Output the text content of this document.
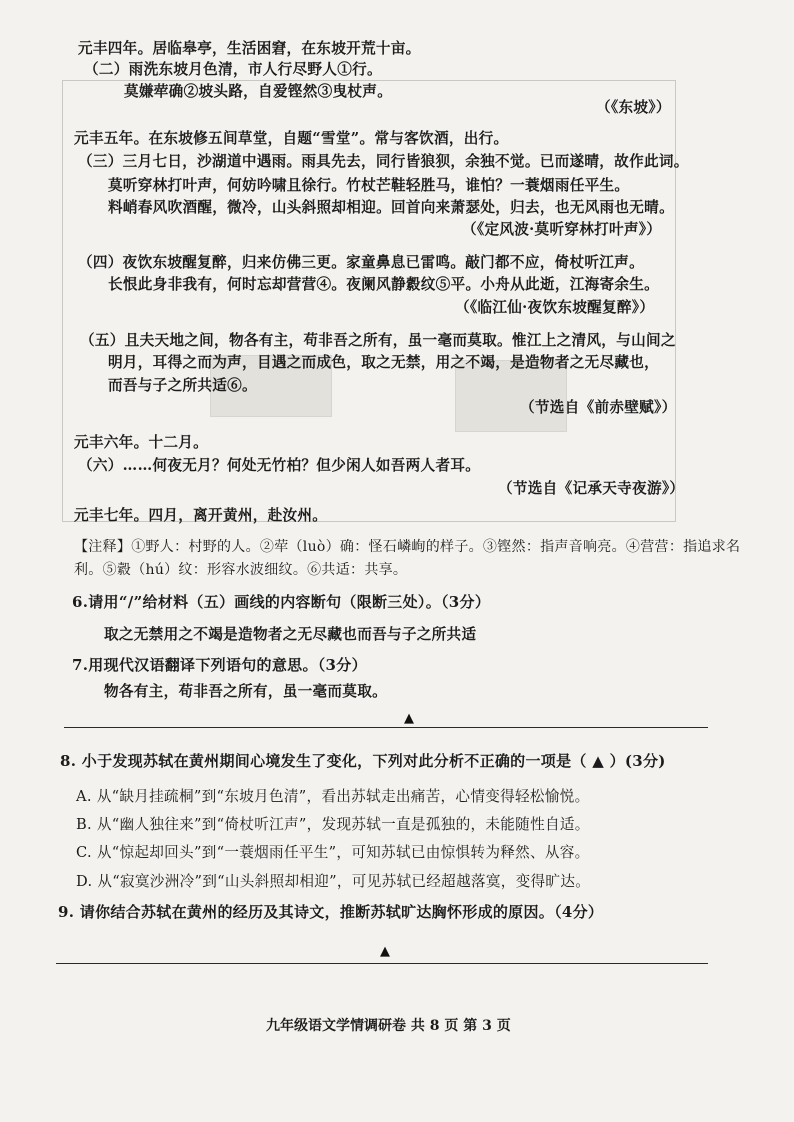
元丰四年。居临皋亭，生活困窘，在东坡开荒十亩。
（二）雨洗东坡月色清，市人行尽野人①行。
莫嫌荦确②坡头路，自爱铿然③曳杖声。
（《东坡》）
元丰五年。在东坡修五间草堂，自题“雪堂”。常与客饮酒，出行。
（三）三月七日，沙湖道中遇雨。雨具先去，同行皆狼狈，余独不觉。已而遂晴，故作此词。
莫听穿林打叶声，何妨吟啸且徐行。竹杖芒鞋轻胜马，谁怕？一蓑烟雨任平生。
料峭春风吹酒醒，微冷，山头斜照却相迎。回首向来萧瑟处，归去，也无风雨也无晴。
（《定风波·莫听穿林打叶声》）
（四）夜饮东坡醒复醉，归来仿佛三更。家童鼻息已雷鸣。敲门都不应，倚杖听江声。
长恨此身非我有，何时忘却营营④。夜阑风静縠纹⑤平。小舟从此逝，江海寄余生。
（《临江仙·夜饮东坡醒复醉》）
（五）且夫天地之间，物各有主，苟非吾之所有，虽一毫而莫取。惟江上之清风，与山间之
明月，耳得之而为声，目遇之而成色，取之无禁，用之不竭，是造物者之无尽藏也，
而吾与子之所共适⑥。
（节选自《前赤壁赋》）
元丰六年。十二月。
（六）……何夜无月？何处无竹柏？但少闲人如吾两人者耳。
（节选自《记承天寺夜游》）
元丰七年。四月，离开黄州，赴汝州。
【注释】①野人：村野的人。②荦（luò）确：怪石嶙峋的样子。③铿然：指声音响亮。④营营：指追求名
利。⑤縠（hú）纹：形容水波细纹。⑥共适：共享。
6.请用“/”给材料（五）画线的内容断句（限断三处）。（3分）
取之无禁用之不竭是造物者之无尽藏也而吾与子之所共适
7.用现代汉语翻译下列语句的意思。（3分）
物各有主，苟非吾之所有，虽一毫而莫取。
▲
8. 小于发现苏轼在黄州期间心境发生了变化，下列对此分析不正确的一项是（ ▲ ）(3分)
A. 从“缺月挂疏桐”到“东坡月色清”，看出苏轼走出痛苦，心情变得轻松愉悦。
B. 从“幽人独往来”到“倚杖听江声”，发现苏轼一直是孤独的，未能随性自适。
C. 从“惊起却回头”到“一蓑烟雨任平生”，可知苏轼已由惊惧转为释然、从容。
D. 从“寂寞沙洲冷”到“山头斜照却相迎”，可见苏轼已经超越落寞，变得旷达。
9. 请你结合苏轼在黄州的经历及其诗文，推断苏轼旷达胸怀形成的原因。（4分）
▲
九年级语文学情调研卷 共 8 页 第 3 页
